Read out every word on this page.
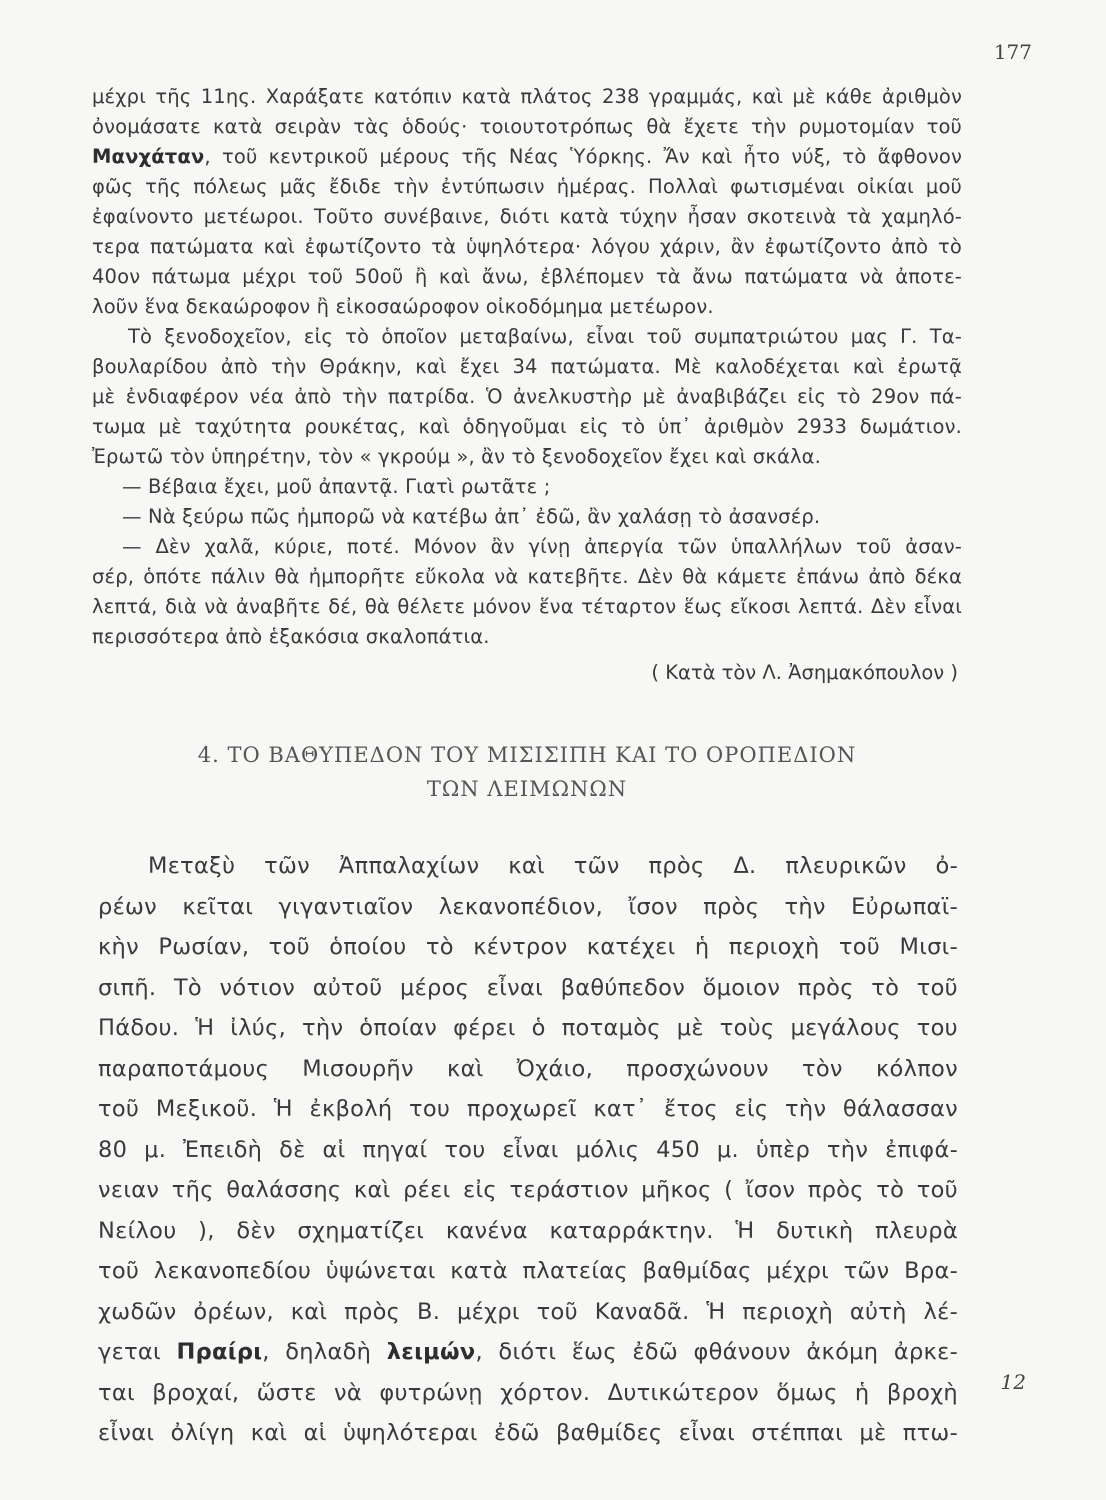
177
μέχρι τῆς 11ης. Χαράξατε κατόπιν κατὰ πλάτος 238 γραμμάς, καὶ μὲ κάθε ἀριθμὸν
ὀνομάσατε κατὰ σειρὰν τὰς ὁδούς· τοιουτοτρόπως θὰ ἔχετε τὴν ρυμοτομίαν τοῦ
Μανχάταν, τοῦ κεντρικοῦ μέρους τῆς Νέας Ὑόρκης. Ἄν καὶ ἦτο νύξ, τὸ ἄφθονον
φῶς τῆς πόλεως μᾶς ἔδιδε τὴν ἐντύπωσιν ἡμέρας. Πολλαὶ φωτισμέναι οἰκίαι μοῦ
ἐφαίνοντο μετέωροι. Τοῦτο συνέβαινε, διότι κατὰ τύχην ἦσαν σκοτεινὰ τὰ χαμηλό-
τερα πατώματα καὶ ἐφωτίζοντο τὰ ὑψηλότερα· λόγου χάριν, ἂν ἐφωτίζοντο ἀπὸ τὸ
40ον πάτωμα μέχρι τοῦ 50οῦ ἢ καὶ ἄνω, ἐβλέπομεν τὰ ἄνω πατώματα νὰ ἀποτε-
λοῦν ἕνα δεκαώροφον ἢ εἰκοσαώροφον οἰκοδόμημα μετέωρον.
Τὸ ξενοδοχεῖον, εἰς τὸ ὁποῖον μεταβαίνω, εἶναι τοῦ συμπατριώτου μας Γ. Τα-
βουλαρίδου ἀπὸ τὴν Θράκην, καὶ ἔχει 34 πατώματα. Μὲ καλοδέχεται καὶ ἐρωτᾷ
μὲ ἐνδιαφέρον νέα ἀπὸ τὴν πατρίδα. Ὁ ἀνελκυστὴρ μὲ ἀναβιβάζει εἰς τὸ 29ον πά-
τωμα μὲ ταχύτητα ρουκέτας, καὶ ὁδηγοῦμαι εἰς τὸ ὑπ᾿ ἀριθμὸν 2933 δωμάτιον.
Ἐρωτῶ τὸν ὑπηρέτην, τὸν « γκρούμ », ἂν τὸ ξενοδοχεῖον ἔχει καὶ σκάλα.
— Βέβαια ἔχει, μοῦ ἀπαντᾷ. Γιατὶ ρωτᾶτε ;
— Νὰ ξεύρω πῶς ἠμπορῶ νὰ κατέβω ἀπ᾿ ἐδῶ, ἂν χαλάσῃ τὸ ἀσανσέρ.
— Δὲν χαλᾶ, κύριε, ποτέ. Μόνον ἂν γίνῃ ἀπεργία τῶν ὑπαλλήλων τοῦ ἀσαν-
σέρ, ὁπότε πάλιν θὰ ἠμπορῆτε εὔκολα νὰ κατεβῆτε. Δὲν θὰ κάμετε ἐπάνω ἀπὸ δέκα
λεπτά, διὰ νὰ ἀναβῆτε δέ, θὰ θέλετε μόνον ἕνα τέταρτον ἕως εἴκοσι λεπτά. Δὲν εἶναι
περισσότερα ἀπὸ ἑξακόσια σκαλοπάτια.
( Κατὰ τὸν Λ. Ἀσημακόπουλον )
4. ΤΟ ΒΑΘΥΠΕΔΟΝ ΤΟΥ ΜΙΣΙΣΙΠΗ ΚΑΙ ΤΟ ΟΡΟΠΕΔΙΟΝ
ΤΩΝ ΛΕΙΜΩΝΩΝ
Μεταξὺ τῶν Ἀππαλαχίων καὶ τῶν πρὸς Δ. πλευρικῶν ὀ-
ρέων κεῖται γιγαντιαῖον λεκανοπέδιον, ἴσον πρὸς τὴν Εὐρωπαϊ-
κὴν Ρωσίαν, τοῦ ὁποίου τὸ κέντρον κατέχει ἡ περιοχὴ τοῦ Μισι-
σιπῆ. Τὸ νότιον αὐτοῦ μέρος εἶναι βαθύπεδον ὅμοιον πρὸς τὸ τοῦ
Πάδου. Ἡ ἰλύς, τὴν ὁποίαν φέρει ὁ ποταμὸς μὲ τοὺς μεγάλους του
παραποτάμους Μισουρῆν καὶ Ὀχάιο, προσχώνουν τὸν κόλπον
τοῦ Μεξικοῦ. Ἡ ἐκβολή του προχωρεῖ κατ᾿ ἔτος εἰς τὴν θάλασσαν
80 μ. Ἐπειδὴ δὲ αἱ πηγαί του εἶναι μόλις 450 μ. ὑπὲρ τὴν ἐπιφά-
νειαν τῆς θαλάσσης καὶ ρέει εἰς τεράστιον μῆκος ( ἴσον πρὸς τὸ τοῦ
Νείλου ), δὲν σχηματίζει κανένα καταρράκτην. Ἡ δυτικὴ πλευρὰ
τοῦ λεκανοπεδίου ὑψώνεται κατὰ πλατείας βαθμίδας μέχρι τῶν Βρα-
χωδῶν ὀρέων, καὶ πρὸς Β. μέχρι τοῦ Καναδᾶ. Ἡ περιοχὴ αὐτὴ λέ-
γεται Πραίρι, δηλαδὴ λειμών, διότι ἕως ἐδῶ φθάνουν ἀκόμη ἀρκε-
ται βροχαί, ὥστε νὰ φυτρώνῃ χόρτον. Δυτικώτερον ὅμως ἡ βροχὴ
εἶναι ὀλίγη καὶ αἱ ὑψηλότεραι ἐδῶ βαθμίδες εἶναι στέππαι μὲ πτω-
12
